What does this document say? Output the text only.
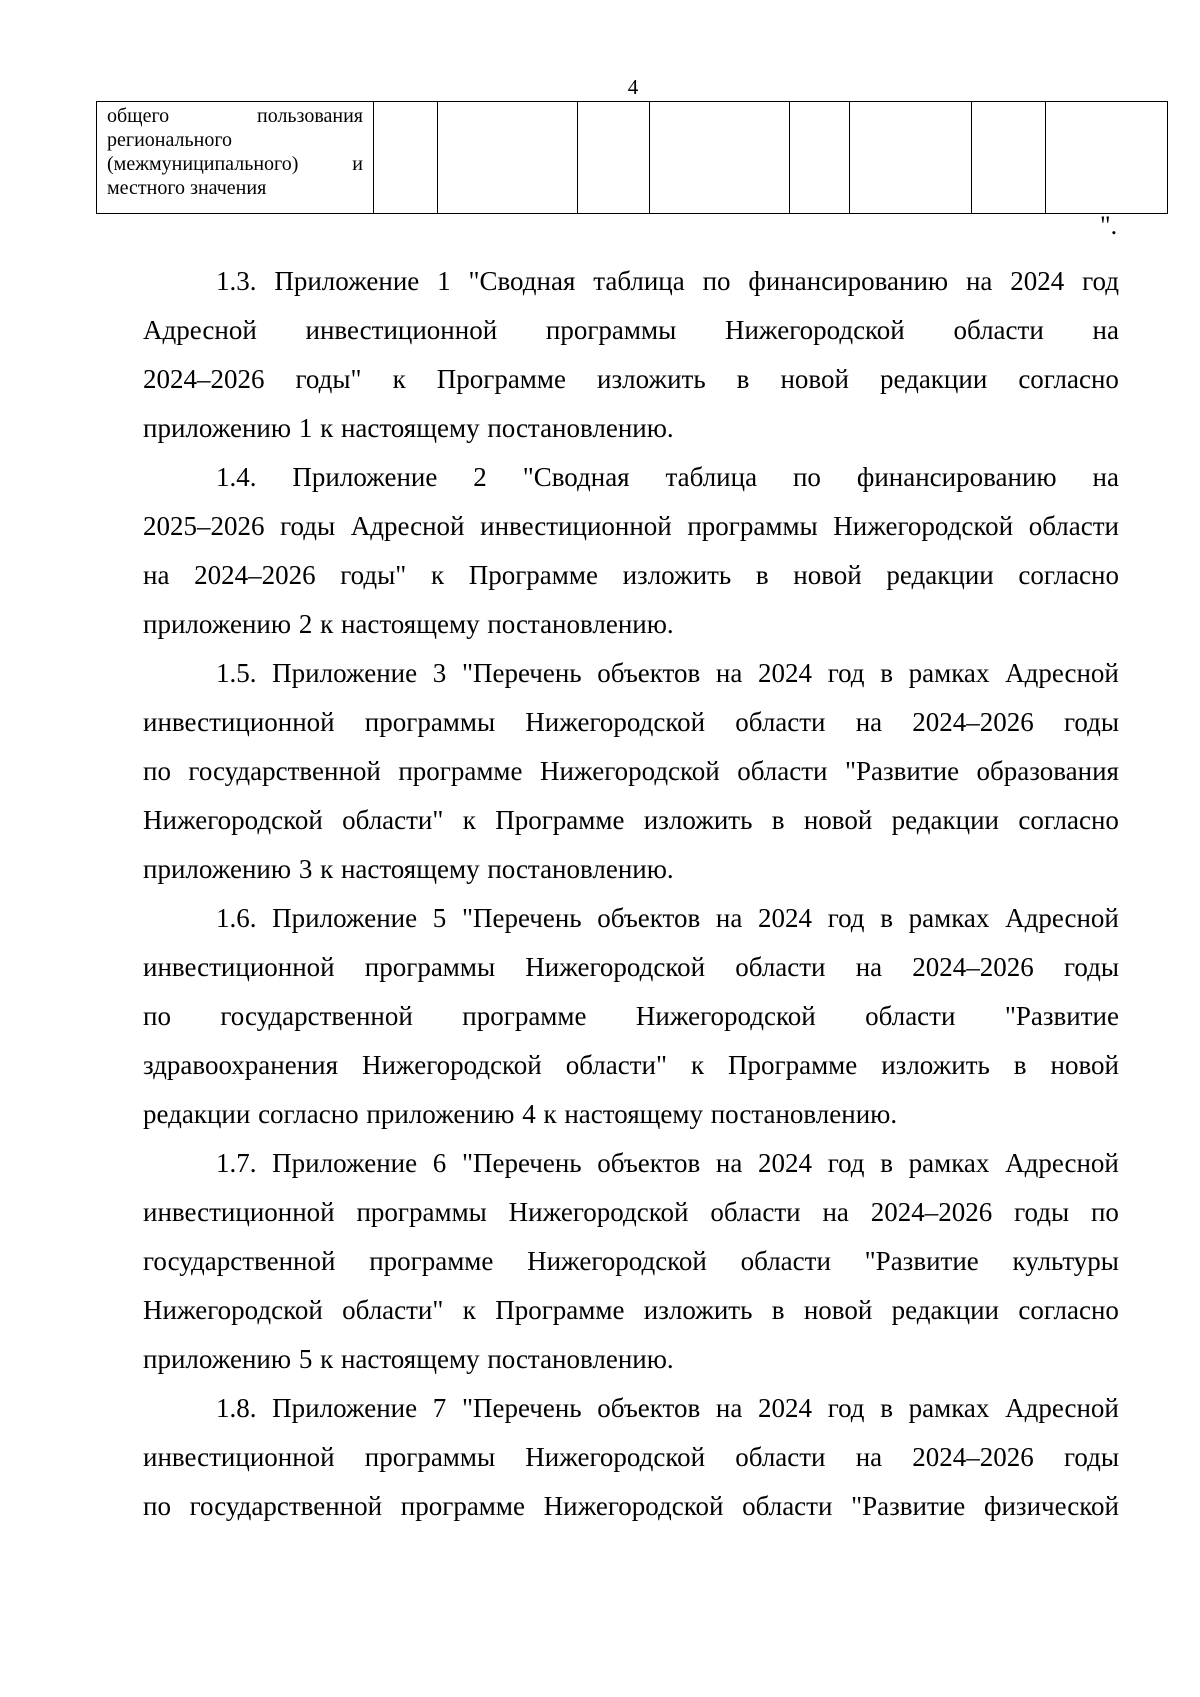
4
общего	пользования
регионального
(межмуниципального)	и
местного значения

".
1.3. Приложение 1 "Сводная таблица по финансированию на 2024 год
Адресной инвестиционной программы Нижегородской области на
2024–2026 годы" к Программе изложить в новой редакции согласно
приложению
1
к
настоящему
постановлению.
1.4. Приложение 2 "Сводная таблица по финансированию на
2025–2026 годы Адресной инвестиционной программы Нижегородской области
на 2024–2026 годы" к Программе изложить в новой редакции согласно
приложению
2
к
настоящему
постановлению.
1.5. Приложение 3 "Перечень объектов на 2024 год в рамках Адресной
инвестиционной программы Нижегородской области на 2024–2026 годы
по государственной программе Нижегородской области "Развитие образования
Нижегородской области" к Программе изложить в новой редакции согласно
приложению
3
к
настоящему
постановлению.
1.6. Приложение 5 "Перечень объектов на 2024 год в рамках Адресной
инвестиционной программы Нижегородской области на 2024–2026 годы
по государственной программе Нижегородской области "Развитие
здравоохранения Нижегородской области" к Программе изложить в новой
редакции
согласно
приложению
4
к
настоящему
постановлению.
1.7. Приложение 6 "Перечень объектов на 2024 год в рамках Адресной
инвестиционной программы Нижегородской области на 2024–2026 годы по
государственной программе Нижегородской области "Развитие культуры
Нижегородской области" к Программе изложить в новой редакции согласно
приложению
5
к
настоящему
постановлению.
1.8. Приложение 7 "Перечень объектов на 2024 год в рамках Адресной
инвестиционной программы Нижегородской области на 2024–2026 годы
по государственной программе Нижегородской области "Развитие физической
